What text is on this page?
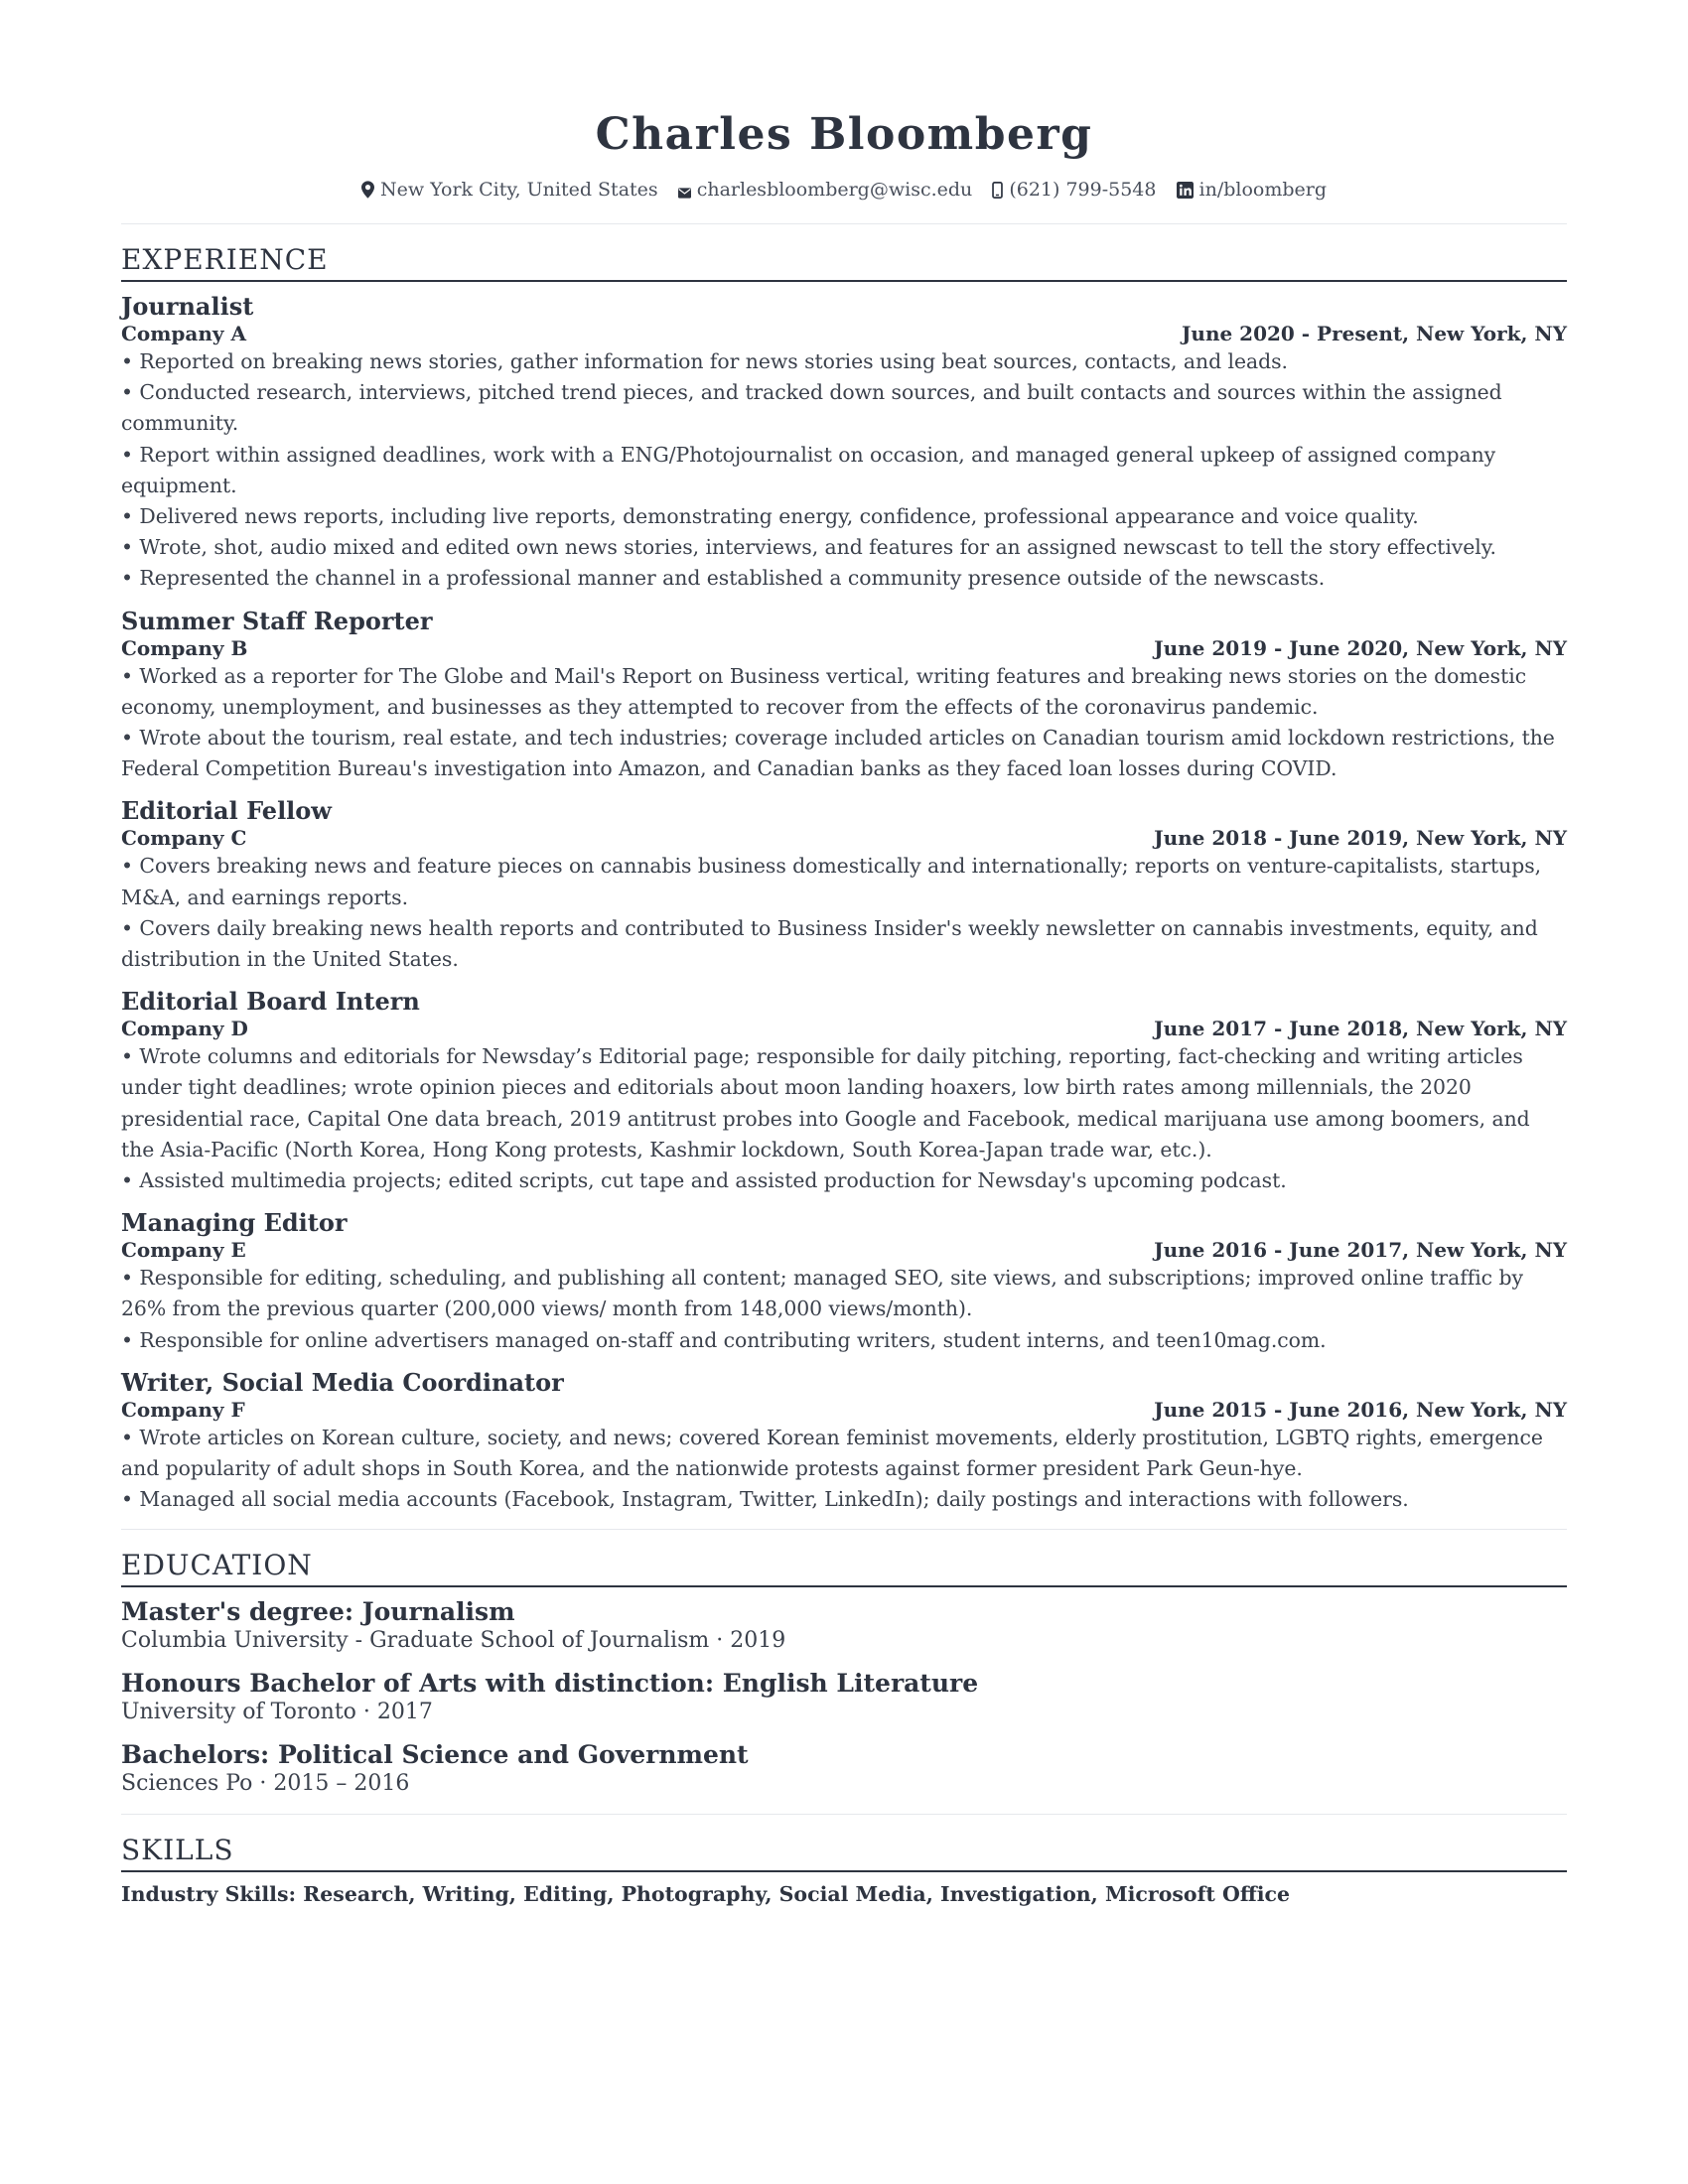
Charles Bloomberg
New York City, United States charlesbloomberg@wisc.edu (621) 799-5548 in/bloomberg
EXPERIENCE
Journalist
Company A	June 2020 - Present, New York, NY
• Reported on breaking news stories, gather information for news stories using beat sources, contacts, and leads.
• Conducted research, interviews, pitched trend pieces, and tracked down sources, and built contacts and sources within the assigned community.
• Report within assigned deadlines, work with a ENG/Photojournalist on occasion, and managed general upkeep of assigned company equipment.
• Delivered news reports, including live reports, demonstrating energy, confidence, professional appearance and voice quality.
• Wrote, shot, audio mixed and edited own news stories, interviews, and features for an assigned newscast to tell the story effectively.
• Represented the channel in a professional manner and established a community presence outside of the newscasts.
Summer Staff Reporter
Company B	June 2019 - June 2020, New York, NY
• Worked as a reporter for The Globe and Mail's Report on Business vertical, writing features and breaking news stories on the domestic economy, unemployment, and businesses as they attempted to recover from the effects of the coronavirus pandemic.
• Wrote about the tourism, real estate, and tech industries; coverage included articles on Canadian tourism amid lockdown restrictions, the Federal Competition Bureau's investigation into Amazon, and Canadian banks as they faced loan losses during COVID.
Editorial Fellow
Company C	June 2018 - June 2019, New York, NY
• Covers breaking news and feature pieces on cannabis business domestically and internationally; reports on venture-capitalists, startups, M&A, and earnings reports.
• Covers daily breaking news health reports and contributed to Business Insider's weekly newsletter on cannabis investments, equity, and distribution in the United States.
Editorial Board Intern
Company D	June 2017 - June 2018, New York, NY
• Wrote columns and editorials for Newsday’s Editorial page; responsible for daily pitching, reporting, fact-checking and writing articles under tight deadlines; wrote opinion pieces and editorials about moon landing hoaxers, low birth rates among millennials, the 2020 presidential race, Capital One data breach, 2019 antitrust probes into Google and Facebook, medical marijuana use among boomers, and the Asia-Pacific (North Korea, Hong Kong protests, Kashmir lockdown, South Korea-Japan trade war, etc.).
• Assisted multimedia projects; edited scripts, cut tape and assisted production for Newsday's upcoming podcast.
Managing Editor
Company E	June 2016 - June 2017, New York, NY
• Responsible for editing, scheduling, and publishing all content; managed SEO, site views, and subscriptions; improved online traffic by 26% from the previous quarter (200,000 views/ month from 148,000 views/month).
• Responsible for online advertisers managed on-staff and contributing writers, student interns, and teen10mag.com.
Writer, Social Media Coordinator
Company F	June 2015 - June 2016, New York, NY
• Wrote articles on Korean culture, society, and news; covered Korean feminist movements, elderly prostitution, LGBTQ rights, emergence and popularity of adult shops in South Korea, and the nationwide protests against former president Park Geun-hye.
• Managed all social media accounts (Facebook, Instagram, Twitter, LinkedIn); daily postings and interactions with followers.
EDUCATION
Master's degree: Journalism
Columbia University - Graduate School of Journalism · 2019
Honours Bachelor of Arts with distinction: English Literature
University of Toronto · 2017
Bachelors: Political Science and Government
Sciences Po · 2015 – 2016
SKILLS
Industry Skills: Research, Writing, Editing, Photography, Social Media, Investigation, Microsoft Office
